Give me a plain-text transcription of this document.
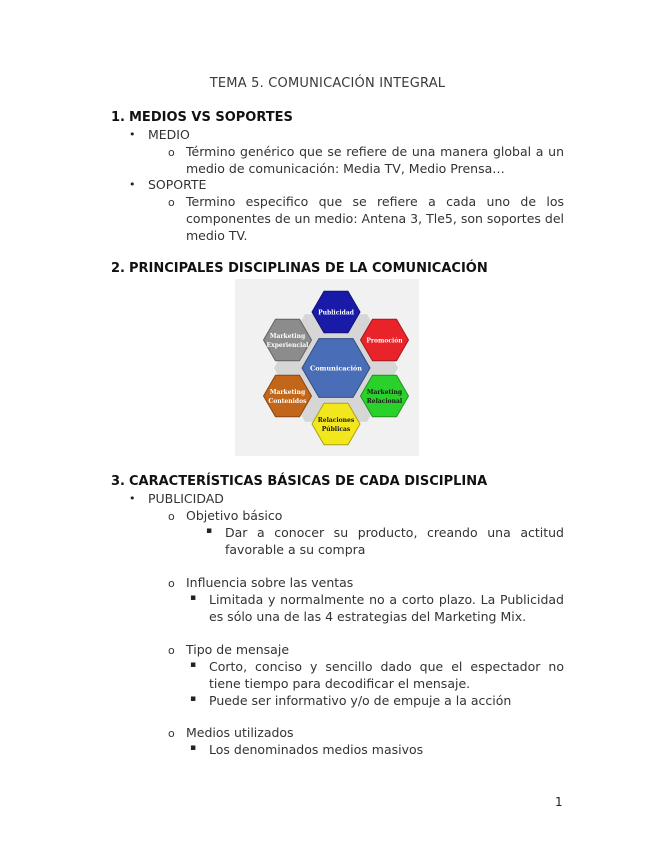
TEMA 5. COMUNICACIÓN INTEGRAL
1. MEDIOS VS SOPORTES
• MEDIO
o Término genérico que se refiere de una manera global a un medio de comunicación: Media TV, Medio Prensa…
• SOPORTE
o Termino especifico que se refiere a cada uno de los componentes de un medio: Antena 3, Tle5, son soportes del medio TV.
2. PRINCIPALES DISCIPLINAS DE LA COMUNICACIÓN
Publicidad
Promoción
Marketing
Relacional
Relaciones
Públicas
Marketing
Contenidos
Marketing
Experiencial
Comunicación
3. CARACTERÍSTICAS BÁSICAS DE CADA DISCIPLINA
• PUBLICIDAD
o Objetivo básico
▪ Dar a conocer su producto, creando una actitud favorable a su compra
o Influencia sobre las ventas
▪ Limitada y normalmente no a corto plazo. La Publicidad es sólo una de las 4 estrategias del Marketing Mix.
o Tipo de mensaje
▪ Corto, conciso y sencillo dado que el espectador no tiene tiempo para decodificar el mensaje.
▪ Puede ser informativo y/o de empuje a la acción
o Medios utilizados
▪ Los denominados medios masivos
1
